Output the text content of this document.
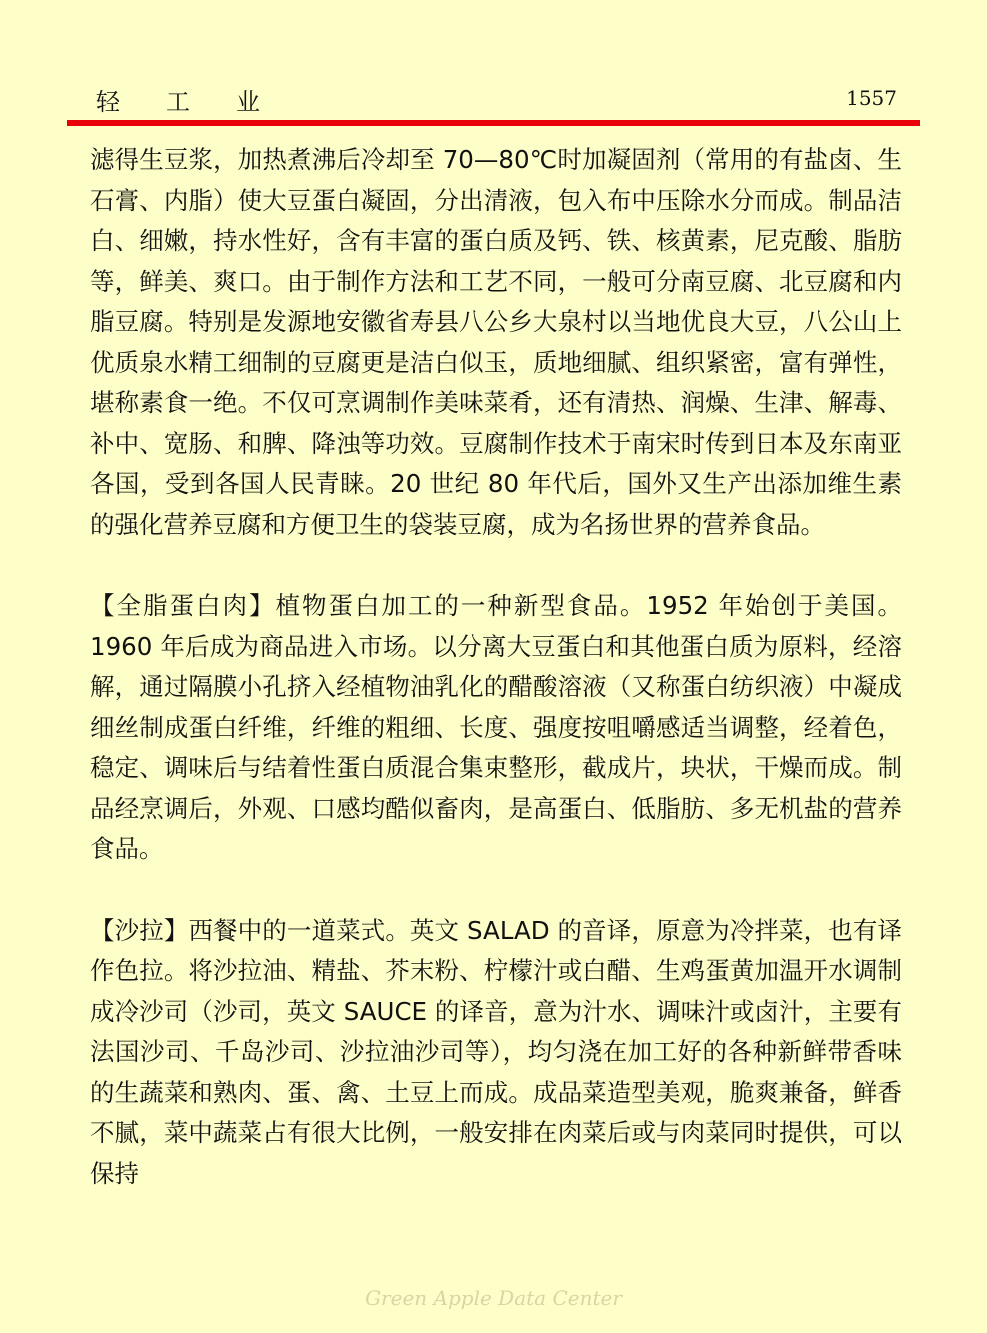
轻工业	1557

滤得生豆浆，加热煮沸后冷却至 70—80℃时加凝固剂（常用的有盐卤、生石膏、内脂）使大豆蛋白凝固，分出清液，包入布中压除水分而成。制品洁白、细嫩，持水性好，含有丰富的蛋白质及钙、铁、核黄素，尼克酸、脂肪等，鲜美、爽口。由于制作方法和工艺不同，一般可分南豆腐、北豆腐和内脂豆腐。特别是发源地安徽省寿县八公乡大泉村以当地优良大豆，八公山上优质泉水精工细制的豆腐更是洁白似玉，质地细腻、组织紧密，富有弹性，堪称素食一绝。不仅可烹调制作美味菜肴，还有清热、润燥、生津、解毒、补中、宽肠、和脾、降浊等功效。豆腐制作技术于南宋时传到日本及东南亚各国，受到各国人民青睐。20 世纪 80 年代后，国外又生产出添加维生素的强化营养豆腐和方便卫生的袋装豆腐，成为名扬世界的营养食品。

【全脂蛋白肉】植物蛋白加工的一种新型食品。1952 年始创于美国。1960 年后成为商品进入市场。以分离大豆蛋白和其他蛋白质为原料，经溶解，通过隔膜小孔挤入经植物油乳化的醋酸溶液（又称蛋白纺织液）中凝成细丝制成蛋白纤维，纤维的粗细、长度、强度按咀嚼感适当调整，经着色，稳定、调味后与结着性蛋白质混合集束整形，截成片，块状，干燥而成。制品经烹调后，外观、口感均酷似畜肉，是高蛋白、低脂肪、多无机盐的营养食品。

【沙拉】西餐中的一道菜式。英文 SALAD 的音译，原意为冷拌菜，也有译作色拉。将沙拉油、精盐、芥末粉、柠檬汁或白醋、生鸡蛋黄加温开水调制成冷沙司（沙司，英文 SAUCE 的译音，意为汁水、调味汁或卤汁，主要有法国沙司、千岛沙司、沙拉油沙司等），均匀浇在加工好的各种新鲜带香味的生蔬菜和熟肉、蛋、禽、土豆上而成。成品菜造型美观，脆爽兼备，鲜香不腻，菜中蔬菜占有很大比例，一般安排在肉菜后或与肉菜同时提供，可以保持

Green Apple Data Center
